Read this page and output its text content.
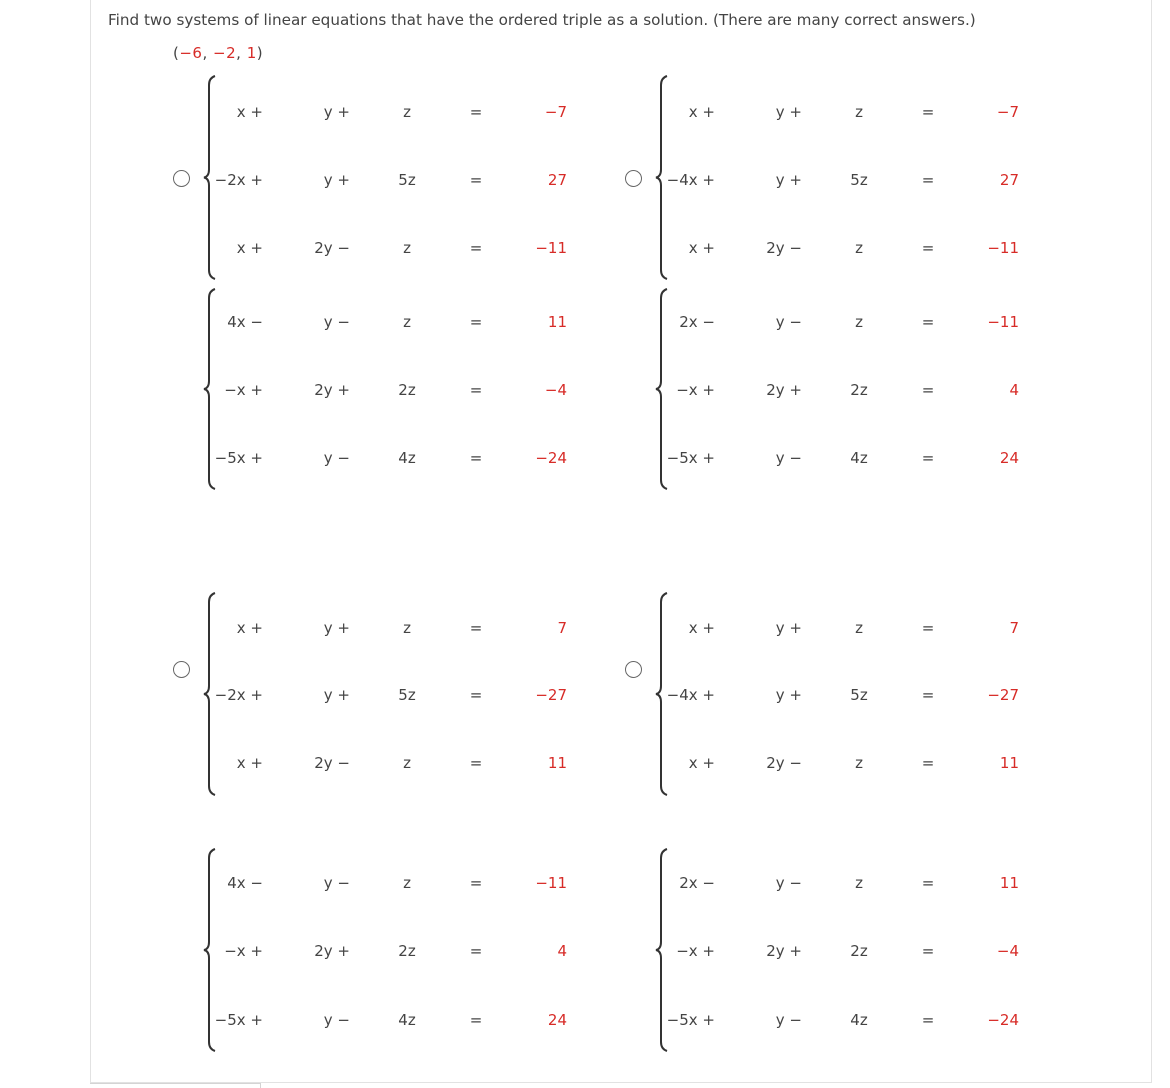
Find two systems of linear equations that have the ordered triple as a solution. (There are many correct answers.)
(−6, −2, 1)
x +	y +	z	=	−7
−2x +	y +	5z	=	27
x +	2y −	z	=	−11
4x −	y −	z	=	11
−x +	2y +	2z	=	−4
−5x +	y −	4z	=	−24
x +	y +	z	=	−7
−4x +	y +	5z	=	27
x +	2y −	z	=	−11
2x −	y −	z	=	−11
−x +	2y +	2z	=	4
−5x +	y −	4z	=	24
x +	y +	z	=	7
−2x +	y +	5z	=	−27
x +	2y −	z	=	11
4x −	y −	z	=	−11
−x +	2y +	2z	=	4
−5x +	y −	4z	=	24
x +	y +	z	=	7
−4x +	y +	5z	=	−27
x +	2y −	z	=	11
2x −	y −	z	=	11
−x +	2y +	2z	=	−4
−5x +	y −	4z	=	−24
